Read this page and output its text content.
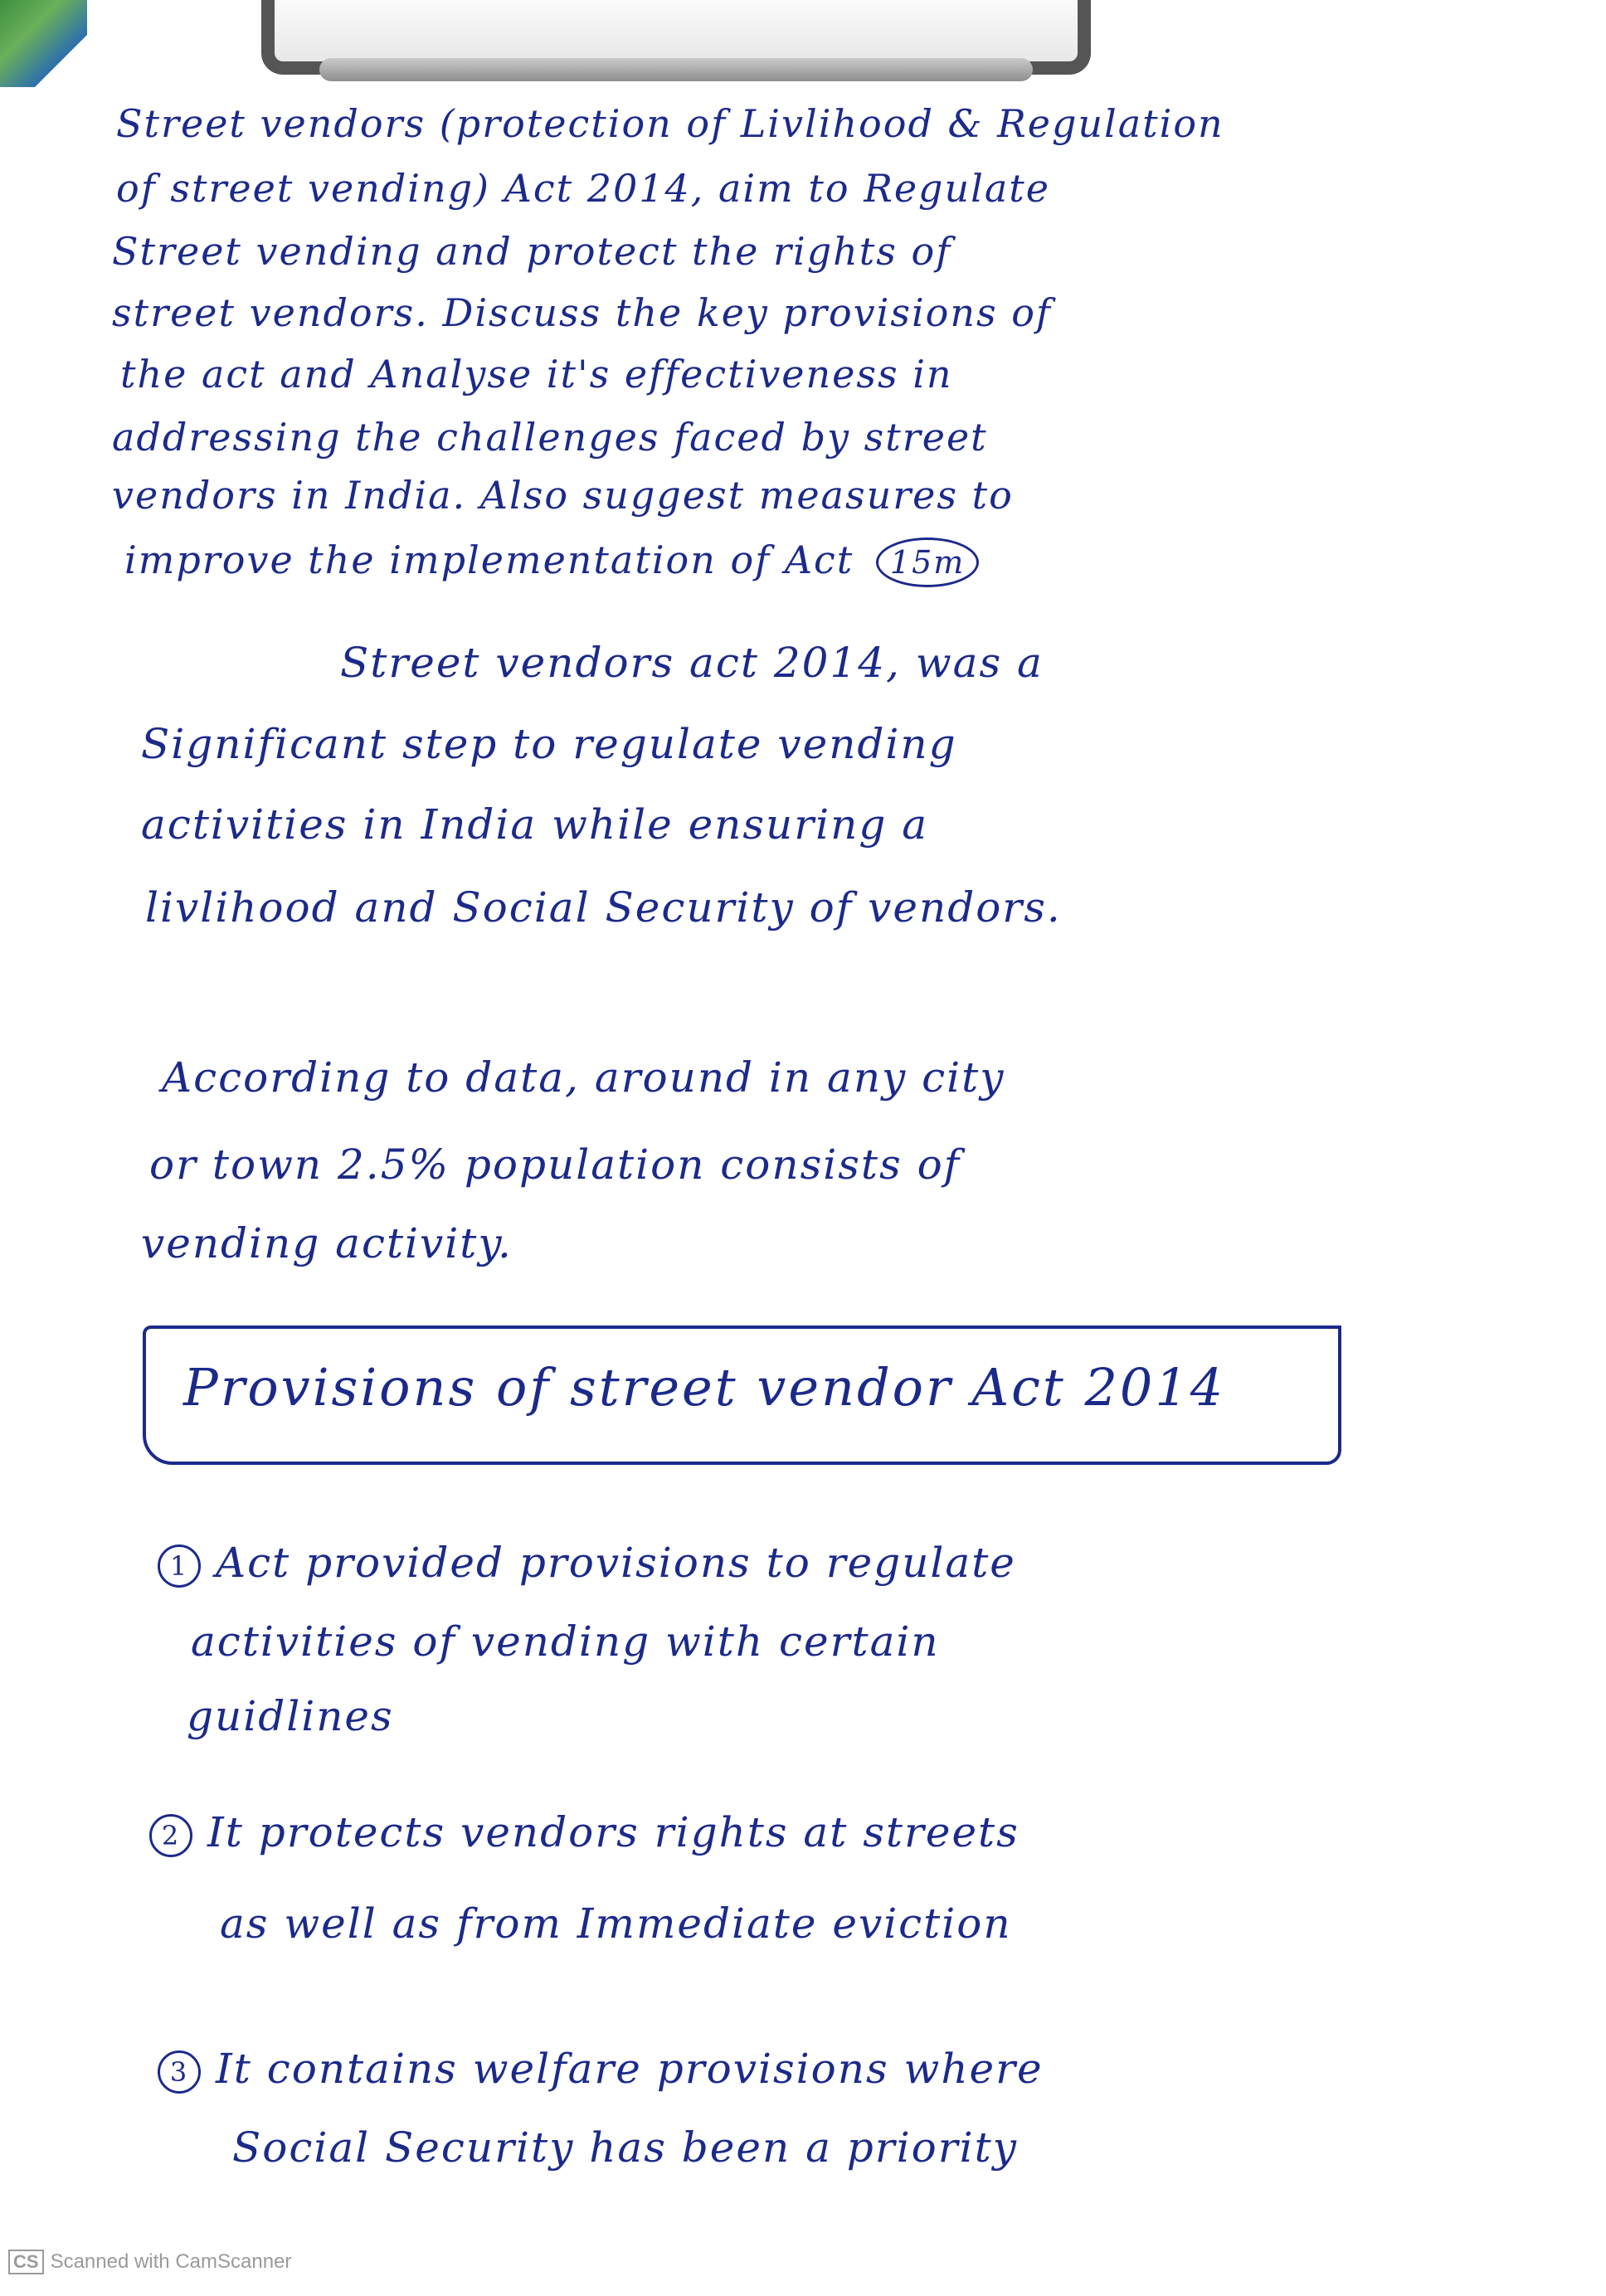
Street vendors (protection of Livlihood & Regulation
of street vending) Act 2014, aim to Regulate
Street vending and protect the rights of
street vendors. Discuss the key provisions of
the act and Analyse it's effectiveness in
addressing the challenges faced by street
vendors in India. Also suggest measures to
improve the implementation of Act 15m
Street vendors act 2014, was a
Significant step to regulate vending
activities in India while ensuring a
livlihood and Social Security of vendors.
According to data, around in any city
or town 2.5% population consists of
vending activity.
Provisions of street vendor Act 2014
1 Act provided provisions to regulate
activities of vending with certain
guidlines
2 It protects vendors rights at streets
as well as from Immediate eviction
3 It contains welfare provisions where
Social Security has been a priority
CS Scanned with CamScanner
